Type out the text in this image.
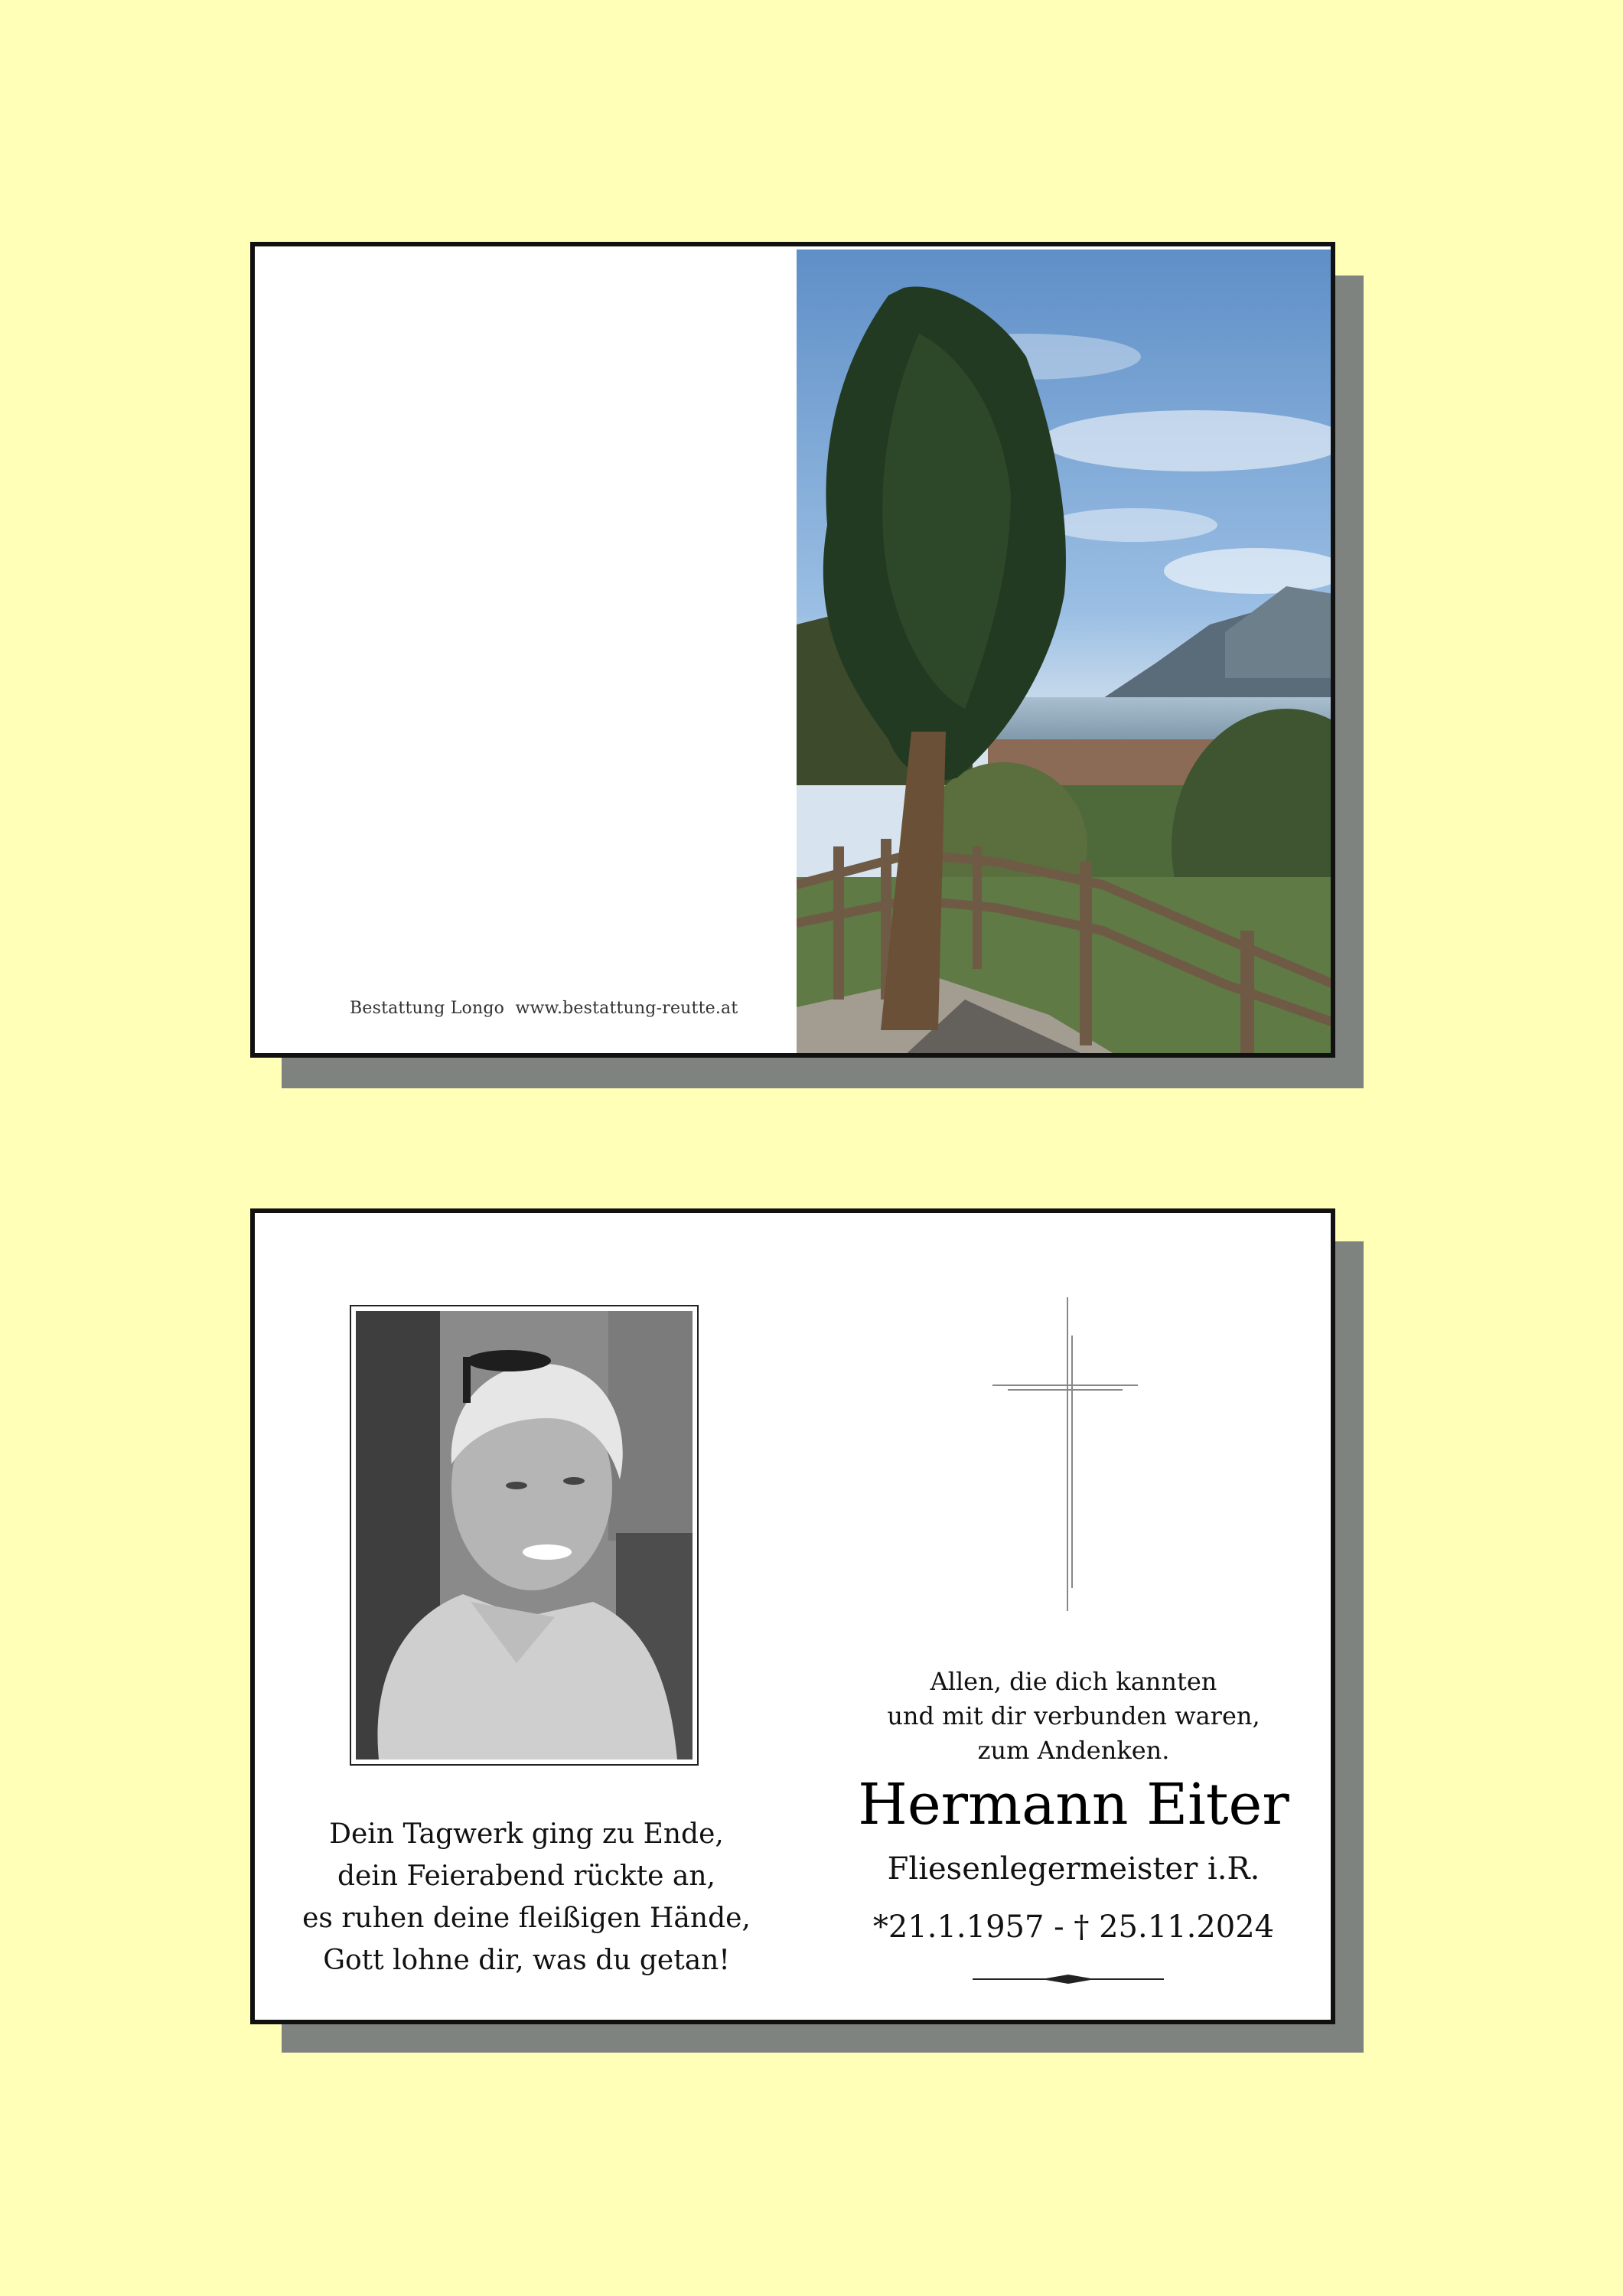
Bestattung Longo  www.bestattung-reutte.at
Dein Tagwerk ging zu Ende,
dein Feierabend rückte an,
es ruhen deine fleißigen Hände,
Gott lohne dir, was du getan!
Allen, die dich kannten
und mit dir verbunden waren,
zum Andenken.
Hermann Eiter
Fliesenlegermeister i.R.
*21.1.1957 - † 25.11.2024
